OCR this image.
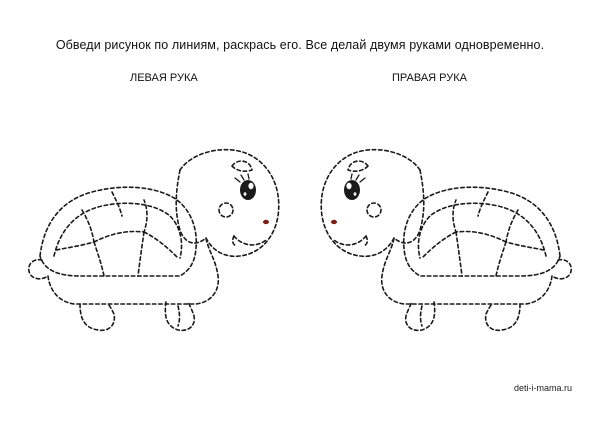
Обведи рисунок по линиям, раскрась его. Все делай двумя руками одновременно.
ЛЕВАЯ РУКА	ПРАВАЯ РУКА
deti-i-mama.ru
